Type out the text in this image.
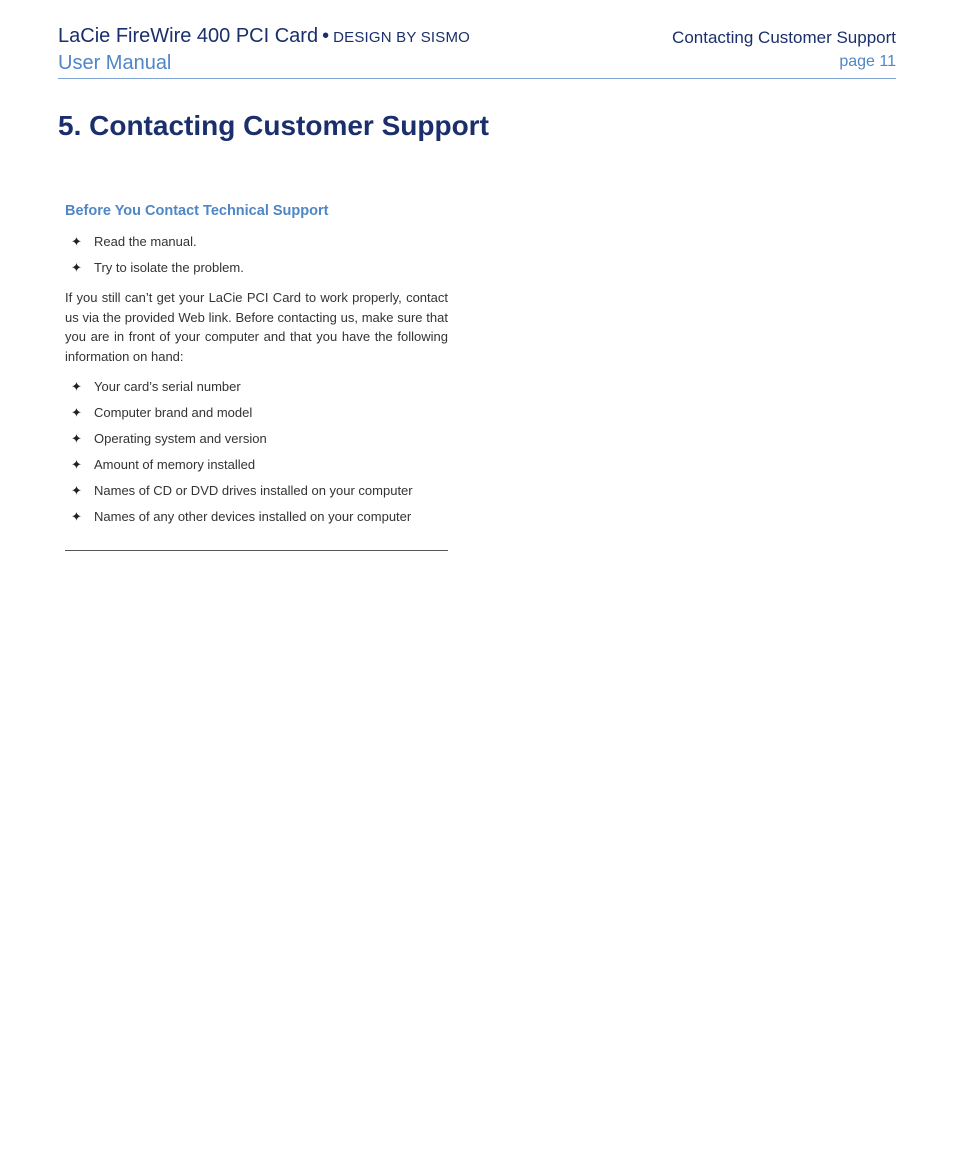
LaCie FireWire 400 PCI Card • DESIGN BY SISMO
User Manual
Contacting Customer Support
page 11
5. Contacting Customer Support
Before You Contact Technical Support
✦ Read the manual.
✦ Try to isolate the problem.

If you still can’t get your LaCie PCI Card to work properly, contact us via the provided Web link. Before contacting us, make sure that you are in front of your computer and that you have the following information on hand:

✦ Your card’s serial number
✦ Computer brand and model
✦ Operating system and version
✦ Amount of memory installed
✦ Names of CD or DVD drives installed on your computer
✦ Names of any other devices installed on your computer
